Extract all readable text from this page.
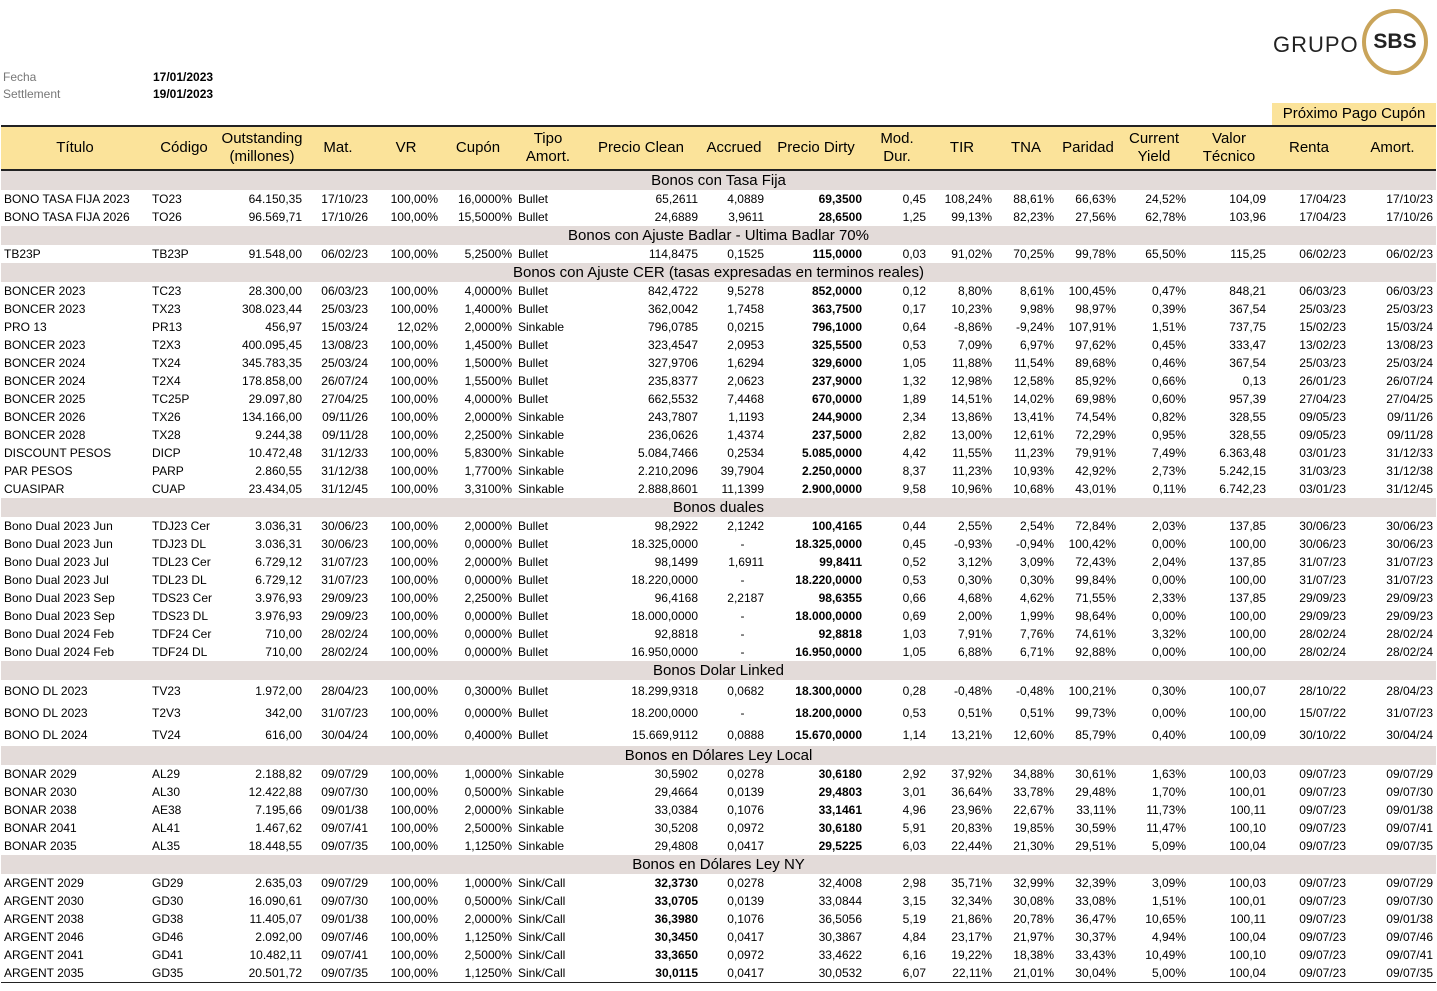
GRUPO SBS
Fecha	17/01/2023
Settlement	19/01/2023
Próximo Pago Cupón
Título	Código	Outstanding (millones)	Mat.	VR	Cupón	Tipo Amort.	Precio Clean	Accrued	Precio Dirty	Mod. Dur.	TIR	TNA	Paridad	Current Yield	Valor Técnico	Renta	Amort.
Bonos con Tasa Fija																	
BONO TASA FIJA 2023	TO23	64.150,35	17/10/23	100,00%	16,0000%	Bullet	65,2611	4,0889	69,3500	0,45	108,24%	88,61%	66,63%	24,52%	104,09	17/04/23	17/10/23
BONO TASA FIJA 2026	TO26	96.569,71	17/10/26	100,00%	15,5000%	Bullet	24,6889	3,9611	28,6500	1,25	99,13%	82,23%	27,56%	62,78%	103,96	17/04/23	17/10/26
Bonos con Ajuste Badlar - Ultima Badlar 70%																	
TB23P	TB23P	91.548,00	06/02/23	100,00%	5,2500%	Bullet	114,8475	0,1525	115,0000	0,03	91,02%	70,25%	99,78%	65,50%	115,25	06/02/23	06/02/23
Bonos con Ajuste CER (tasas expresadas en terminos reales)																	
BONCER 2023	TC23	28.300,00	06/03/23	100,00%	4,0000%	Bullet	842,4722	9,5278	852,0000	0,12	8,80%	8,61%	100,45%	0,47%	848,21	06/03/23	06/03/23
BONCER 2023	TX23	308.023,44	25/03/23	100,00%	1,4000%	Bullet	362,0042	1,7458	363,7500	0,17	10,23%	9,98%	98,97%	0,39%	367,54	25/03/23	25/03/23
PRO 13	PR13	456,97	15/03/24	12,02%	2,0000%	Sinkable	796,0785	0,0215	796,1000	0,64	-8,86%	-9,24%	107,91%	1,51%	737,75	15/02/23	15/03/24
BONCER 2023	T2X3	400.095,45	13/08/23	100,00%	1,4500%	Bullet	323,4547	2,0953	325,5500	0,53	7,09%	6,97%	97,62%	0,45%	333,47	13/02/23	13/08/23
BONCER 2024	TX24	345.783,35	25/03/24	100,00%	1,5000%	Bullet	327,9706	1,6294	329,6000	1,05	11,88%	11,54%	89,68%	0,46%	367,54	25/03/23	25/03/24
BONCER 2024	T2X4	178.858,00	26/07/24	100,00%	1,5500%	Bullet	235,8377	2,0623	237,9000	1,32	12,98%	12,58%	85,92%	0,66%	0,13	26/01/23	26/07/24
BONCER 2025	TC25P	29.097,80	27/04/25	100,00%	4,0000%	Bullet	662,5532	7,4468	670,0000	1,89	14,51%	14,02%	69,98%	0,60%	957,39	27/04/23	27/04/25
BONCER 2026	TX26	134.166,00	09/11/26	100,00%	2,0000%	Sinkable	243,7807	1,1193	244,9000	2,34	13,86%	13,41%	74,54%	0,82%	328,55	09/05/23	09/11/26
BONCER 2028	TX28	9.244,38	09/11/28	100,00%	2,2500%	Sinkable	236,0626	1,4374	237,5000	2,82	13,00%	12,61%	72,29%	0,95%	328,55	09/05/23	09/11/28
DISCOUNT PESOS	DICP	10.472,48	31/12/33	100,00%	5,8300%	Sinkable	5.084,7466	0,2534	5.085,0000	4,42	11,55%	11,23%	79,91%	7,49%	6.363,48	03/01/23	31/12/33
PAR PESOS	PARP	2.860,55	31/12/38	100,00%	1,7700%	Sinkable	2.210,2096	39,7904	2.250,0000	8,37	11,23%	10,93%	42,92%	2,73%	5.242,15	31/03/23	31/12/38
CUASIPAR	CUAP	23.434,05	31/12/45	100,00%	3,3100%	Sinkable	2.888,8601	11,1399	2.900,0000	9,58	10,96%	10,68%	43,01%	0,11%	6.742,23	03/01/23	31/12/45
Bonos duales																	
Bono Dual 2023 Jun	TDJ23 Cer	3.036,31	30/06/23	100,00%	2,0000%	Bullet	98,2922	2,1242	100,4165	0,44	2,55%	2,54%	72,84%	2,03%	137,85	30/06/23	30/06/23
Bono Dual 2023 Jun	TDJ23 DL	3.036,31	30/06/23	100,00%	0,0000%	Bullet	18.325,0000	-	18.325,0000	0,45	-0,93%	-0,94%	100,42%	0,00%	100,00	30/06/23	30/06/23
Bono Dual 2023 Jul	TDL23 Cer	6.729,12	31/07/23	100,00%	2,0000%	Bullet	98,1499	1,6911	99,8411	0,52	3,12%	3,09%	72,43%	2,04%	137,85	31/07/23	31/07/23
Bono Dual 2023 Jul	TDL23 DL	6.729,12	31/07/23	100,00%	0,0000%	Bullet	18.220,0000	-	18.220,0000	0,53	0,30%	0,30%	99,84%	0,00%	100,00	31/07/23	31/07/23
Bono Dual 2023 Sep	TDS23 Cer	3.976,93	29/09/23	100,00%	2,2500%	Bullet	96,4168	2,2187	98,6355	0,66	4,68%	4,62%	71,55%	2,33%	137,85	29/09/23	29/09/23
Bono Dual 2023 Sep	TDS23 DL	3.976,93	29/09/23	100,00%	0,0000%	Bullet	18.000,0000	-	18.000,0000	0,69	2,00%	1,99%	98,64%	0,00%	100,00	29/09/23	29/09/23
Bono Dual 2024 Feb	TDF24 Cer	710,00	28/02/24	100,00%	0,0000%	Bullet	92,8818	-	92,8818	1,03	7,91%	7,76%	74,61%	3,32%	100,00	28/02/24	28/02/24
Bono Dual 2024 Feb	TDF24 DL	710,00	28/02/24	100,00%	0,0000%	Bullet	16.950,0000	-	16.950,0000	1,05	6,88%	6,71%	92,88%	0,00%	100,00	28/02/24	28/02/24
Bonos Dolar Linked																	
BONO DL 2023	TV23	1.972,00	28/04/23	100,00%	0,3000%	Bullet	18.299,9318	0,0682	18.300,0000	0,28	-0,48%	-0,48%	100,21%	0,30%	100,07	28/10/22	28/04/23
BONO DL 2023	T2V3	342,00	31/07/23	100,00%	0,0000%	Bullet	18.200,0000	-	18.200,0000	0,53	0,51%	0,51%	99,73%	0,00%	100,00	15/07/22	31/07/23
BONO DL 2024	TV24	616,00	30/04/24	100,00%	0,4000%	Bullet	15.669,9112	0,0888	15.670,0000	1,14	13,21%	12,60%	85,79%	0,40%	100,09	30/10/22	30/04/24
Bonos en Dólares Ley Local																	
BONAR 2029	AL29	2.188,82	09/07/29	100,00%	1,0000%	Sinkable	30,5902	0,0278	30,6180	2,92	37,92%	34,88%	30,61%	1,63%	100,03	09/07/23	09/07/29
BONAR 2030	AL30	12.422,88	09/07/30	100,00%	0,5000%	Sinkable	29,4664	0,0139	29,4803	3,01	36,64%	33,78%	29,48%	1,70%	100,01	09/07/23	09/07/30
BONAR 2038	AE38	7.195,66	09/01/38	100,00%	2,0000%	Sinkable	33,0384	0,1076	33,1461	4,96	23,96%	22,67%	33,11%	11,73%	100,11	09/07/23	09/01/38
BONAR 2041	AL41	1.467,62	09/07/41	100,00%	2,5000%	Sinkable	30,5208	0,0972	30,6180	5,91	20,83%	19,85%	30,59%	11,47%	100,10	09/07/23	09/07/41
BONAR 2035	AL35	18.448,55	09/07/35	100,00%	1,1250%	Sinkable	29,4808	0,0417	29,5225	6,03	22,44%	21,30%	29,51%	5,09%	100,04	09/07/23	09/07/35
Bonos en Dólares Ley NY																	
ARGENT 2029	GD29	2.635,03	09/07/29	100,00%	1,0000%	Sink/Call	32,3730	0,0278	32,4008	2,98	35,71%	32,99%	32,39%	3,09%	100,03	09/07/23	09/07/29
ARGENT 2030	GD30	16.090,61	09/07/30	100,00%	0,5000%	Sink/Call	33,0705	0,0139	33,0844	3,15	32,34%	30,08%	33,08%	1,51%	100,01	09/07/23	09/07/30
ARGENT 2038	GD38	11.405,07	09/01/38	100,00%	2,0000%	Sink/Call	36,3980	0,1076	36,5056	5,19	21,86%	20,78%	36,47%	10,65%	100,11	09/07/23	09/01/38
ARGENT 2046	GD46	2.092,00	09/07/46	100,00%	1,1250%	Sink/Call	30,3450	0,0417	30,3867	4,84	23,17%	21,97%	30,37%	4,94%	100,04	09/07/23	09/07/46
ARGENT 2041	GD41	10.482,11	09/07/41	100,00%	2,5000%	Sink/Call	33,3650	0,0972	33,4622	6,16	19,22%	18,38%	33,43%	10,49%	100,10	09/07/23	09/07/41
ARGENT 2035	GD35	20.501,72	09/07/35	100,00%	1,1250%	Sink/Call	30,0115	0,0417	30,0532	6,07	22,11%	21,01%	30,04%	5,00%	100,04	09/07/23	09/07/35
